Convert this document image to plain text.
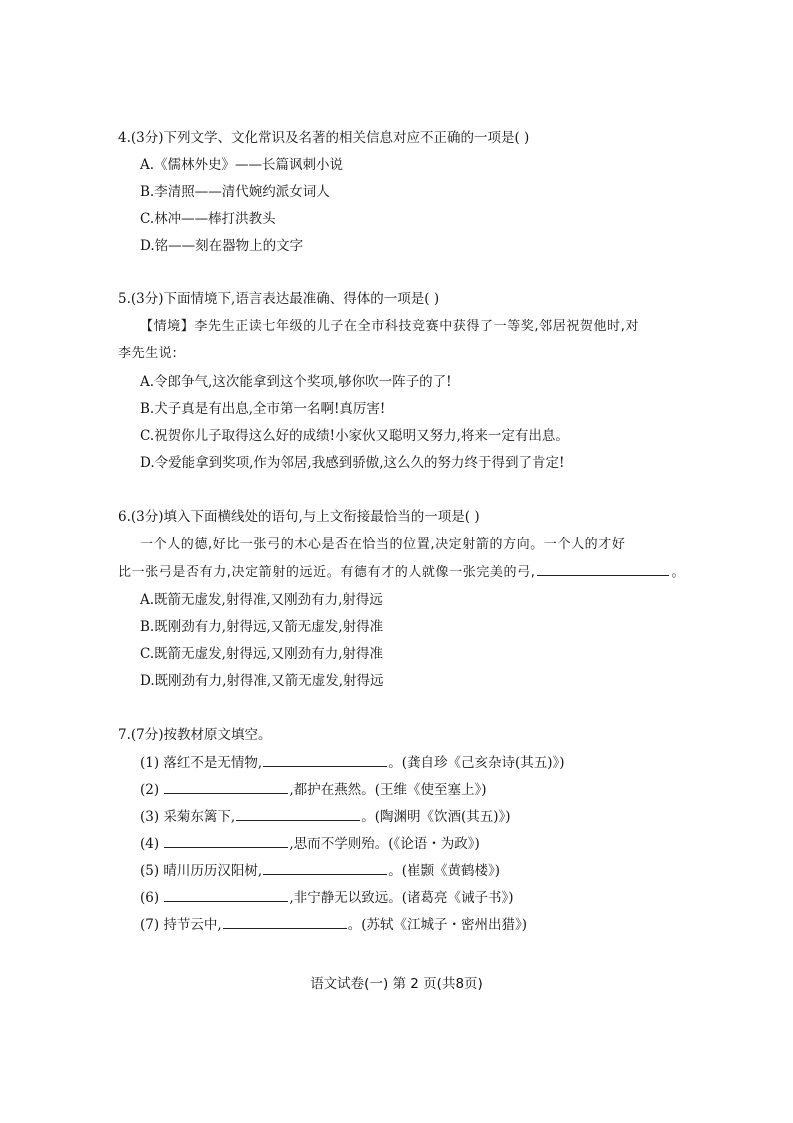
4.(3分)下列文学、文化常识及名著的相关信息对应不正确的一项是( )
A.《儒林外史》——长篇讽刺小说
B.李清照——清代婉约派女词人
C.林冲——棒打洪教头
D.铭——刻在器物上的文字
5.(3分)下面情境下,语言表达最准确、得体的一项是( )
【情境】李先生正读七年级的儿子在全市科技竞赛中获得了一等奖,邻居祝贺他时,对
李先生说:
A.令郎争气,这次能拿到这个奖项,够你吹一阵子的了!
B.犬子真是有出息,全市第一名啊!真厉害!
C.祝贺你儿子取得这么好的成绩!小家伙又聪明又努力,将来一定有出息。
D.令爱能拿到奖项,作为邻居,我感到骄傲,这么久的努力终于得到了肯定!
6.(3分)填入下面横线处的语句,与上文衔接最恰当的一项是( )
一个人的德,好比一张弓的木心是否在恰当的位置,决定射箭的方向。一个人的才好
比一张弓是否有力,决定箭射的远近。有德有才的人就像一张完美的弓,	。
A.既箭无虚发,射得准,又刚劲有力,射得远
B.既刚劲有力,射得远,又箭无虚发,射得准
C.既箭无虚发,射得远,又刚劲有力,射得准
D.既刚劲有力,射得准,又箭无虚发,射得远
7.(7分)按教材原文填空。
(1) 落红不是无情物,	。(龚自珍《己亥杂诗(其五)》)
(2)	,都护在燕然。(王维《使至塞上》)
(3) 采菊东篱下,	。(陶渊明《饮酒(其五)》)
(4)	,思而不学则殆。(《论语・为政》)
(5) 晴川历历汉阳树,	。(崔颢《黄鹤楼》)
(6)	,非宁静无以致远。(诸葛亮《诫子书》)
(7) 持节云中,	。(苏轼《江城子・密州出猎》)
语文试卷(一) 第 2 页(共8页)
